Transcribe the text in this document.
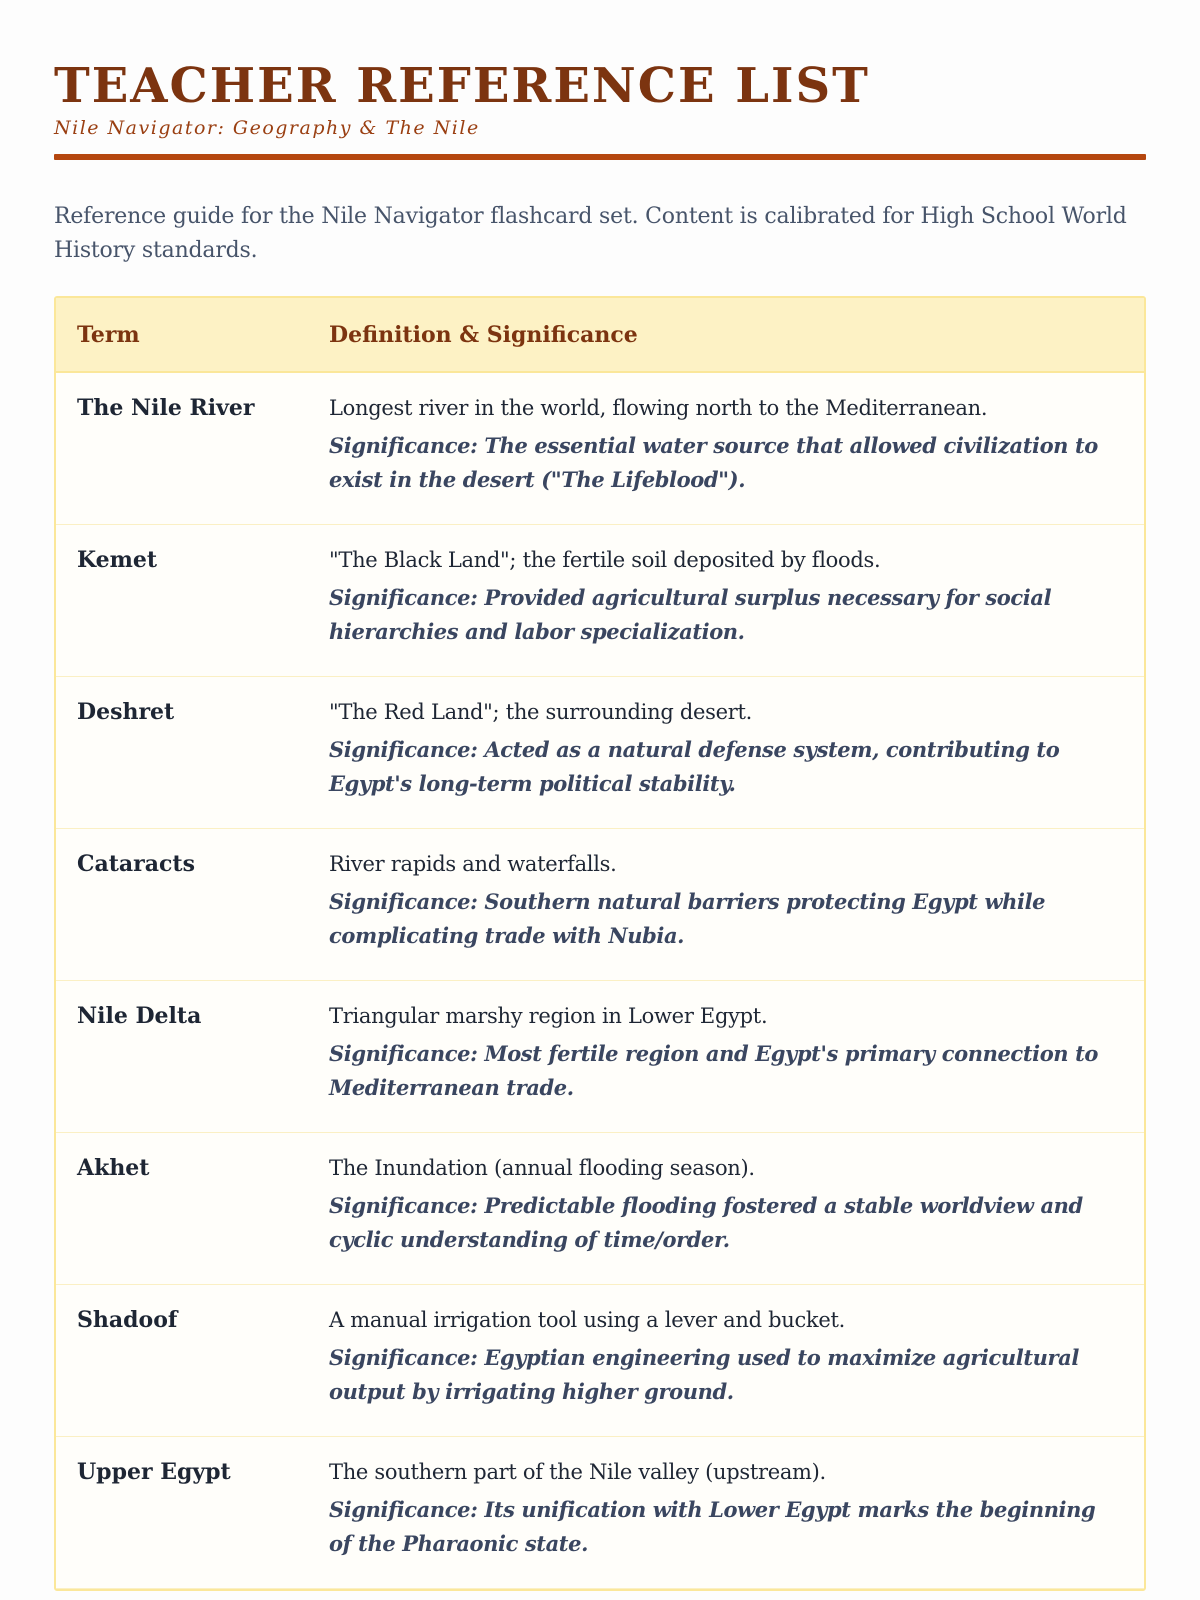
TEACHER REFERENCE LIST
Nile Navigator: Geography & The Nile

Reference guide for the Nile Navigator flashcard set. Content is calibrated for High School World History standards.

Term	Definition & Significance
The Nile River	Longest river in the world, flowing north to the Mediterranean.
Significance: The essential water source that allowed civilization to exist in the desert ("The Lifeblood").
Kemet	"The Black Land"; the fertile soil deposited by floods.
Significance: Provided agricultural surplus necessary for social hierarchies and labor specialization.
Deshret	"The Red Land"; the surrounding desert.
Significance: Acted as a natural defense system, contributing to Egypt's long-term political stability.
Cataracts	River rapids and waterfalls.
Significance: Southern natural barriers protecting Egypt while complicating trade with Nubia.
Nile Delta	Triangular marshy region in Lower Egypt.
Significance: Most fertile region and Egypt's primary connection to Mediterranean trade.
Akhet	The Inundation (annual flooding season).
Significance: Predictable flooding fostered a stable worldview and cyclic understanding of time/order.
Shadoof	A manual irrigation tool using a lever and bucket.
Significance: Egyptian engineering used to maximize agricultural output by irrigating higher ground.
Upper Egypt	The southern part of the Nile valley (upstream).
Significance: Its unification with Lower Egypt marks the beginning of the Pharaonic state.
